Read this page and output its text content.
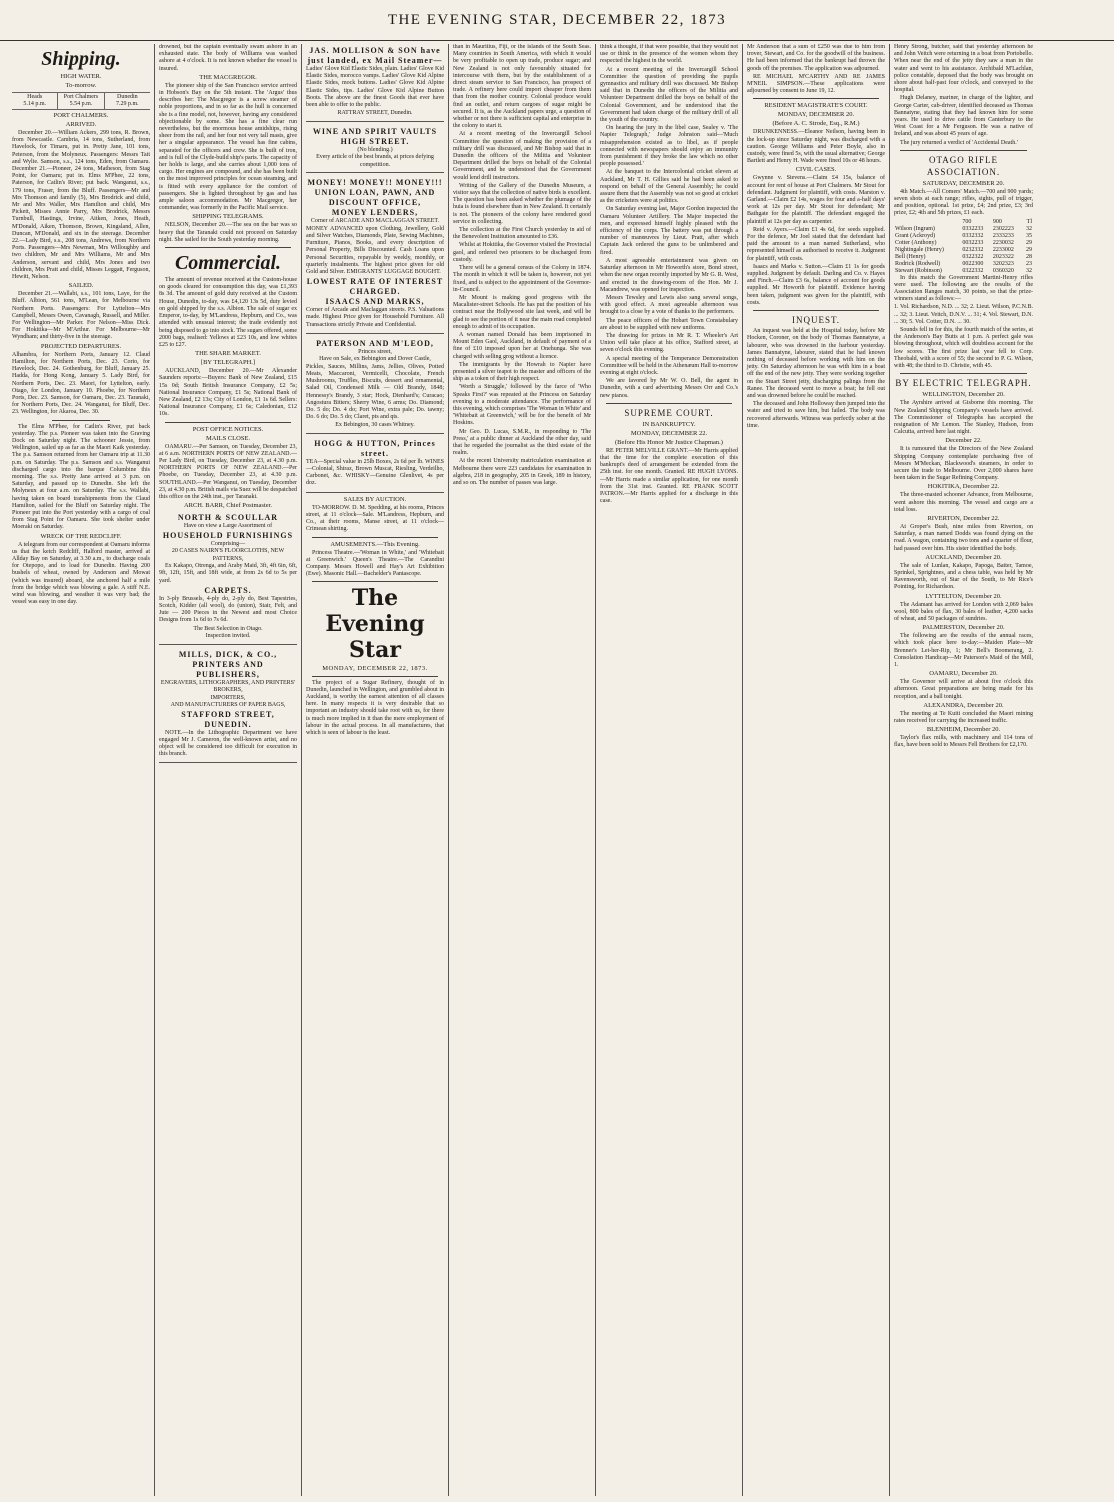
THE EVENING STAR, DECEMBER 22, 1873
Shipping.
HIGH WATER.
To-morrow.
Heads
5.14 p.m.
Port Chalmers
5.54 p.m.
Dunedin
7.29 p.m.
PORT CHALMERS.
ARRIVED.

December 20.—William Ackers, 299 tons, R. Brown, from Newcastle. Cambria, 14 tons, Sutherland, from Havelock, for Timaru, put in. Pretty Jane, 101 tons, Peterson, from the Molyneux. Passengers: Messrs Tait and Wylie. Samson, s.s., 124 tons, Eden, from Oamaru. December 21.—Pioneer, 24 tons, Matheson, from Stag Point, for Oamaru; put in. Elms M'Phee, 22 tons, Paterson, for Catlin's River; put back. Wanganui, s.s., 179 tons, Fraser, from the Bluff. Passengers—Mr and Mrs Thomson and family (5), Mrs Brodrick and child, Mr and Mrs Waller, Mrs Hamilton and child, Mrs Pickett, Misses Annie Parry, Mrs Brodrick, Messrs Turnbull, Hastings, Irvine, Aitken, Jones, Heath, M'Donald, Aiken, Thomson, Brown, Kingsland, Allen, Duncan, M'Donald, and six in the steerage. December 22.—Lady Bird, s.s., 208 tons, Andrews, from Northern Ports. Passengers—Mrs Newman, Mrs Willoughby and two children, Mr and Mrs Williams, Mr and Mrs Anderson, servant and child, Mrs Jones and two children, Mrs Pratt and child, Misses Leggatt, Ferguson, Hewitt, Nelson.

SAILED.

December 21.—Wallabi, s.s., 101 tons, Laye, for the Bluff. Albion, 561 tons, M'Lean, for Melbourne via Northern Ports. Passengers: For Lyttelton—Mrs Campbell, Messrs Owen, Cavanagh, Russell, and Miller. For Wellington—Mr Parker. For Nelson—Miss Dick. For Hokitika—Mr M'Arthur. For Melbourne—Mr Wyndham; and thirty-five in the steerage.

PROJECTED DEPARTURES.

Alhambra, for Northern Ports, January 12. Claud Hamilton, for Northern Ports, Dec. 23. Corio, for Havelock, Dec. 24. Gothenburg, for Bluff, January 25. Hadda, for Hong Kong, January 5. Lady Bird, for Northern Ports, Dec. 23. Maori, for Lyttelton, early. Otago, for London, January 10. Phoebe, for Northern Ports, Dec. 23. Samson, for Oamaru, Dec. 23. Taranaki, for Northern Ports, Dec. 24. Wanganui, for Bluff, Dec. 23. Wellington, for Akaroa, Dec. 30.

The Elms M'Phee, for Catlin's River, put back yesterday. The p.s. Pioneer was taken into the Graving Dock on Saturday night. The schooner Jessie, from Wellington, sailed up as far as the Maori Kaik yesterday. The p.s. Samson returned from her Oamaru trip at 11.30 p.m. on Saturday. The p.s. Samson and s.s. Wanganui discharged cargo into the barque Columbine this morning. The s.s. Pretty Jane arrived at 3 p.m. on Saturday, and passed up to Dunedin. She left the Molyneux at four a.m. on Saturday. The s.s. Wallabi, having taken on board transhipments from the Claud Hamilton, sailed for the Bluff on Saturday night. The Pioneer put into the Port yesterday with a cargo of coal from Stag Point for Oamaru. She took shelter under Moeraki on Saturday.

WRECK OF THE REDCLIFF.

A telegram from our correspondent at Oamaru informs us that the ketch Redcliff, Halford master, arrived at Allday Bay on Saturday, at 3.30 a.m., to discharge coals for Otepopo, and to load for Dunedin. Having 200 bushels of wheat, owned by Anderson and Mowat (which was insured) aboard, she anchored half a mile from the bridge which was blowing a gale. A stiff N.E. wind was blowing, and weather it was very bad; the vessel was easy in one day.

drowned, but the captain eventually swam ashore in an exhausted state. The body of Williams was washed ashore at 4 o'clock. It is not known whether the vessel is insured.

THE MACGREGOR.

The pioneer ship of the San Francisco service arrived in Hobson's Bay on the 5th instant. The 'Argus' thus describes her: The Macgregor is a screw steamer of noble proportions, and in so far as the hull is concerned she is a fine model, not, however, having any considered objectionable by some. She has a fine clear run nevertheless, but the enormous house amidships, rising sheer from the rail, and her four not very tall masts, give her a singular appearance. The vessel has fine cabins, separated for the officers and crew. She is built of iron, and is full of the Clyde-build ship's parts. The capacity of her holds is large, and she carries about 1,000 tons of cargo. Her engines are compound, and she has been built on the most improved principles for ocean steaming, and is fitted with every appliance for the comfort of passengers. She is lighted throughout by gas and has ample saloon accommodation. Mr Macgregor, her commander, was formerly in the Pacific Mail service.

SHIPPING TELEGRAMS.

NELSON, December 20.—The sea on the bar was so heavy that the Taranaki could not proceed on Saturday night. She sailed for the South yesterday morning.

Commercial.

The amount of revenue received at the Custom-house on goods cleared for consumption this day, was £1,393 8s 3d. The amount of gold duty received at the Custom House, Dunedin, to-day, was £4,120 13s 5d, duty levied on gold shipped by the s.s. Albion. The sale of sugar ex Emperor, to-day, by M'Landress, Hepburn, and Co., was attended with unusual interest; the trade evidently not being disposed to go into stock. The sugars offered, some 2000 bags, realised: Yellows at £23 10s, and low whites £25 to £27.

THE SHARE MARKET.
[BY TELEGRAPH.]

AUCKLAND, December 20.—Mr Alexander Saunders reports:—Buyers: Bank of New Zealand, £15 15s 0d; South British Insurance Company, £2 5s; National Insurance Company, £1 5s; National Bank of New Zealand, £2 13s; City of London, £1 1s 6d. Sellers: National Insurance Company, £1 6s; Caledonian, £12 10s.

POST OFFICE NOTICES.
MAILS CLOSE.

OAMARU.—Per Samson, on Tuesday, December 23, at 6 a.m. NORTHERN PORTS OF NEW ZEALAND.—Per Lady Bird, on Tuesday, December 23, at 4.30 p.m. NORTHERN PORTS OF NEW ZEALAND.—Per Phoebe, on Tuesday, December 23, at 4.30 p.m. SOUTHLAND.—Per Wanganui, on Tuesday, December 23, at 4.30 p.m. British mails via Suez will be despatched this office on the 24th inst., per Taranaki.

ARCH. BARR, Chief Postmaster.
NORTH & SCOULLAR
Have on view a Large Assortment of
HOUSEHOLD FURNISHINGS
Comprising—
20 CASES NAIRN'S FLOORCLOTHS, NEW PATTERNS,

Ex Kakapo, Otrenga, and Araby Maid, 3ft, 4ft 6in, 6ft, 9ft, 12ft, 15ft, and 18ft wide, at from 2s 6d to 5s per yard.

CARPETS.

In 3-ply Brussels, 4-ply do, 2-ply do, Best Tapestries, Scotch, Kidder (all wool), do (union), Stair, Felt, and Jute — 200 Pieces in the Newest and most Choice Designs from 1s 6d to 7s 6d.

The Best Selection in Otago.
Inspection invited.
MILLS, DICK, & CO., PRINTERS AND PUBLISHERS,
ENGRAVERS, LITHOGRAPHERS, AND PRINTERS' BROKERS,
IMPORTERS,
AND MANUFACTURERS OF PAPER BAGS,
STAFFORD STREET, DUNEDIN.

NOTE.—In the Lithographic Department we have engaged Mr J. Cameron, the well-known artist, and no object will be considered too difficult for execution in this branch.

JAS. MOLLISON & SON have just landed, ex Mail Steamer—

Ladies' Glove Kid Elastic Sides, plain. Ladies' Glove Kid Elastic Sides, morocco vamps. Ladies' Glove Kid Alpine Elastic Sides, mock buttons. Ladies' Glove Kid Alpine Elastic Sides, tips. Ladies' Glove Kid Alpine Button Boots. The above are the finest Goods that ever have been able to offer to the public.

RATTRAY STREET, Dunedin.
WINE AND SPIRIT VAULTS
HIGH STREET.
(No blending.)
Every article of the best brands, at prices defying competition.
MONEY! MONEY!! MONEY!!!
UNION LOAN, PAWN, AND DISCOUNT OFFICE,
MONEY LENDERS,
Corner of ARCADE AND MACLAGGAN STREET.

MONEY ADVANCED upon Clothing, Jewellery, Gold and Silver Watches, Diamonds, Plate, Sewing Machines, Furniture, Pianos, Books, and every description of Personal Property, Bills Discounted. Cash Loans upon Personal Securities, repayable by weekly, monthly, or quarterly instalments. The highest price given for old Gold and Silver. EMIGRANTS' LUGGAGE BOUGHT.

LOWEST RATE OF INTEREST CHARGED.
ISAACS AND MARKS,

Corner of Arcade and Maclaggan streets. P.S. Valuations made. Highest Price given for Household Furniture. All Transactions strictly Private and Confidential.

PATERSON AND M'LEOD,
Princes street,
Have on Sale, ex Bebington and Dover Castle,

Pickles, Sauces, Millins, Jams, Jellies, Olives, Potted Meats, Maccaroni, Vermicelli, Chocolate, French Mushrooms, Truffles, Biscuits, dessert and ornamental, Salad Oil, Condensed Milk — Old Brandy, 1848; Hennessy's Brandy, 3 star; Hock, Dienhard's; Curacao; Angostura Bitters; Sherry Wine, 6 arms; Do. Diamond; Do. 5 do; Do. 4 do; Port Wine, extra pale; Do. tawny; Do. 6 do; Do. 5 do; Claret, pts and qts.

Ex Bebington, 30 cases Whitney.
HOGG & HUTTON, Princes street.

TEA—Special value in 25lb Boxes, 2s 6d per lb. WINES—Colonial, Shiraz, Brown Muscat, Riesling, Verdeilho, Carbonet, &c. WHISKY—Genuine Glenlivet, 4s per doz.

SALES BY AUCTION.

TO-MORROW. D. M. Spedding, at his rooms, Princes street, at 11 o'clock—Sale. M'Landress, Hepburn, and Co., at their rooms, Manse street, at 11 o'clock—Crimean shirting.

AMUSEMENTS.—This Evening.

Princess Theatre.—'Woman in White,' and 'Whitebait at Greenwich.' Queen's Theatre.—The Carandini Company. Messrs Howell and Hay's Art Exhibition (Ewe). Masonic Hall.—Bachelder's Pantascope.

The Evening Star
MONDAY, DECEMBER 22, 1873.

The project of a Sugar Refinery, thought of in Dunedin, launched in Wellington, and grumbled about in Auckland, is worthy the earnest attention of all classes here. In many respects it is very desirable that so important an industry should take root with us, for there is much more implied in it than the mere employment of labour in the actual process. In all manufactures, that which is seen of labour is the least.

than in Mauritius, Fiji, or the islands of the South Seas. Many countries in South America, with which it would be very profitable to open up trade, produce sugar; and New Zealand is not only favourably situated for intercourse with them, but by the establishment of a direct steam service to San Francisco, has prospect of trade. A refinery here could import cheaper from them than from the mother country. Colonial produce would find an outlet, and return cargoes of sugar might be secured. It is, as the Auckland papers urge, a question of whether or not there is sufficient capital and enterprise in the colony to start it.

At a recent meeting of the Invercargill School Committee the question of making the provision of a military drill was discussed, and Mr Bishop said that in Dunedin the officers of the Militia and Volunteer Department drilled the boys on behalf of the Colonial Government, and he understood that the Government would lend drill instructors.

Writing of the Gallery of the Dunedin Museum, a visitor says that the collection of native birds is excellent. The question has been asked whether the plumage of the huia is found elsewhere than in New Zealand. It certainly is not. The pioneers of the colony have rendered good service in collecting.

The collection at the First Church yesterday in aid of the Benevolent Institution amounted to £36.

Whilst at Hokitika, the Governor visited the Provincial gaol, and ordered two prisoners to be discharged from custody.

There will be a general census of the Colony in 1874. The month in which it will be taken is, however, not yet fixed, and is subject to the appointment of the Governor-in-Council.

Mr Mount is making good progress with the Macalister-street Schools. He has put the position of his contract near the Hollywood site last week, and will be glad to see the portion of it near the main road completed enough to admit of its occupation.

A woman named Donald has been imprisoned in Mount Eden Gaol, Auckland, in default of payment of a fine of £10 imposed upon her at Onehunga. She was charged with selling grog without a licence.

The immigrants by the Howrah to Napier have presented a silver teapot to the master and officers of the ship as a token of their high respect.

'Worth a Struggle,' followed by the farce of 'Who Speaks First?' was repeated at the Princess on Saturday evening to a moderate attendance. The performance of this evening, which comprises 'The Woman in White' and 'Whitebait at Greenwich,' will be for the benefit of Mr Hoskins.

Mr Geo. D. Lucas, S.M.R., in responding to 'The Press,' at a public dinner at Auckland the other day, said that he regarded the journalist as the third estate of the realm.

At the recent University matriculation examination at Melbourne there were 223 candidates for examination in algebra, 218 in geography, 205 in Greek, 189 in history, and so on. The number of passes was large.

think a thought, if that were possible, that they would not use or think in the presence of the women whom they respected the highest in the world.

At a recent meeting of the Invercargill School Committee the question of providing the pupils gymnastics and military drill was discussed. Mr Bishop said that in Dunedin the officers of the Militia and Volunteer Department drilled the boys on behalf of the Colonial Government, and he understood that the Government had taken charge of the military drill of all the youth of the country.

On hearing the jury in the libel case, Sealey v. 'The Napier Telegraph,' Judge Johnston said—'Much misapprehension existed as to libel, as if people connected with newspapers should enjoy an immunity from punishment if they broke the law which no other people possessed.'

At the banquet to the Intercolonial cricket eleven at Auckland, Mr T. H. Gillies said he had been asked to respond on behalf of the General Assembly; he could assure them that the Assembly was not so good at cricket as the cricketers were at politics.

On Saturday evening last, Major Gordon inspected the Oamaru Volunteer Artillery. The Major inspected the men, and expressed himself highly pleased with the efficiency of the corps. The battery was put through a number of manœuvres by Lieut. Pratt, after which Captain Jack ordered the guns to be unlimbered and fired.

A most agreeable entertainment was given on Saturday afternoon in Mr Howorth's store, Bond street, when the new organ recently imported by Mr G. R. West, and erected in the drawing-room of the Hon. Mr J. Macandrew, was opened for inspection.

Messrs Tewsley and Lewis also sang several songs, with good effect. A most agreeable afternoon was brought to a close by a vote of thanks to the performers.

The peace officers of the Hobart Town Constabulary are about to be supplied with new uniforms.

The drawing for prizes in Mr R. T. Wheeler's Art Union will take place at his office, Stafford street, at seven o'clock this evening.

A special meeting of the Temperance Demonstration Committee will be held in the Athenæum Hall to-morrow evening at eight o'clock.

We are favored by Mr W. O. Bell, the agent in Dunedin, with a card advertising Messrs Orr and Co.'s new pianos.

SUPREME COURT.
IN BANKRUPTCY.
MONDAY, DECEMBER 22.
(Before His Honor Mr Justice Chapman.)

RE PETER MELVILLE GRANT.—Mr Harris applied that the time for the complete execution of this bankrupt's deed of arrangement be extended from the 25th inst. for one month. Granted. RE HUGH LYONS.—Mr Harris made a similar application, for one month from the 31st inst. Granted. RE FRANK SCOTT PATRON.—Mr Harris applied for a discharge in this case.

Mr Anderson that a sum of £250 was due to him from trover, Stewart, and Co. for the goodwill of the business. He had been informed that the bankrupt had thrown the goods off the premises. The application was adjourned.

RE MICHAEL M'CARTHY AND RE JAMES M'NEIL SIMPSON.—These applications were adjourned by consent to June 19, 12.

RESIDENT MAGISTRATE'S COURT.
MONDAY, DECEMBER 20.
(Before A. C. Strode, Esq., R.M.)

DRUNKENNESS.—Eleanor Neilson, having been in the lock-up since Saturday night, was discharged with a caution. George Williams and Peter Boyle, also in custody, were fined 5s, with the usual alternative; George Bartlett and Henry H. Wade were fined 10s or 48 hours.

CIVIL CASES.

Gwynne v. Stevens.—Claim £4 15s, balance of account for rent of house at Port Chalmers. Mr Stout for defendant. Judgment for plaintiff, with costs. Marston v. Garland.—Claim £2 14s, wages for four and a-half days' work at 12s per day. Mr Stout for defendant; Mr Bathgate for the plaintiff. The defendant engaged the plaintiff at 12s per day as carpenter.

Reid v. Ayers.—Claim £1 4s 6d, for seeds supplied. For the defence, Mr Joel stated that the defendant had paid the amount to a man named Sutherland, who represented himself as authorised to receive it. Judgment for plaintiff, with costs.

Isaacs and Marks v. Sutton.—Claim £1 1s for goods supplied. Judgment by default. Darling and Co. v. Hayes and Finch.—Claim £3 6s, balance of account for goods supplied. Mr Howorth for plaintiff. Evidence having been taken, judgment was given for the plaintiff, with costs.

INQUEST.

An inquest was held at the Hospital today, before Mr Hocken, Coroner, on the body of Thomas Bannatyne, a labourer, who was drowned in the harbour yesterday. James Bannatyne, labourer, stated that he had known nothing of deceased before working with him on the jetty. On Saturday afternoon he was with him in a boat off the end of the new jetty. They were working together on the Stuart Street jetty, discharging palings from the Ranee. The deceased went to move a boat; he fell out and was drowned before he could be reached.

The deceased and John Holloway then jumped into the water and tried to save him, but failed. The body was recovered afterwards. Witness was perfectly sober at the time.

Henry Strong, butcher, said that yesterday afternoon he and John Veitch were returning in a boat from Portobello. When near the end of the jetty they saw a man in the water and went to his assistance. Archibald M'Lachlan, police constable, deposed that the body was brought on shore about half-past four o'clock, and conveyed to the hospital.

Hugh Delaney, mariner, in charge of the lighter, and George Carter, cab-driver, identified deceased as Thomas Bannatyne, stating that they had known him for some years. He used to drive cattle from Canterbury to the West Coast for a Mr Ferguson. He was a native of Ireland, and was about 45 years of age.

The jury returned a verdict of 'Accidental Death.'

OTAGO RIFLE ASSOCIATION.
SATURDAY, DECEMBER 20.

4th Match.—All Comers' Match.—700 and 900 yards; seven shots at each range; rifles, sights, pull of trigger, and position, optional. 1st prize, £4; 2nd prize, £3; 3rd prize, £2; 4th and 5th prizes, £1 each.

	700	900	Tl
Wilson (Ingram)	0332233	2302223	32
Grant (Ackroyd)	0332332	2333233	35
Cotter (Anthony)	0032233	2230032	29
Nightingale (Henry)	0232332	2233002	29
Bell (Henry)	0322322	2023322	28
Rodrick (Rodwell)	0022300	3202323	23
Stewart (Robinson)	0322332	0360320	32

In this match the Government Martini-Henry rifles were used. The following are the results of the Association Ranges match, 30 points, so that the prize-winners stand as follows:—

1. Vol. Richardson, N.D. ... 32; 2. Lieut. Wilson, P.C.N.B. ... 32; 3. Lieut. Veitch, D.N.V. ... 31; 4. Vol. Stewart, D.N. ... 30; 5. Vol. Cotter, D.N. ... 30.

Sounds fell in for this, the fourth match of the series, at the Anderson's Bay Butts at 1 p.m. A perfect gale was blowing throughout, which will doubtless account for the low scores. The first prize last year fell to Corp. Theobald, with a score of 55; the second to P. G. Wilson, with 48; the third to D. Christie, with 45.

BY ELECTRIC TELEGRAPH.
WELLINGTON, December 20.

The Ayrshire arrived at Gisborne this morning. The New Zealand Shipping Company's vessels have arrived. The Commissioner of Telegraphs has accepted the resignation of Mr Lemon. The Stanley, Hudson, from Calcutta, arrived here last night.

December 22.

It is rumoured that the Directors of the New Zealand Shipping Company contemplate purchasing five of Messrs M'Meckan, Blackwood's steamers, in order to secure the trade to Melbourne. Over 2,000 shares have been taken in the Sugar Refining Company.

HOKITIKA, December 22.

The three-masted schooner Advance, from Melbourne, went ashore this morning. The vessel and cargo are a total loss.

RIVERTON, December 22.

At Groper's Bush, nine miles from Riverton, on Saturday, a man named Dodds was found dying on the road. A wagon, containing two tons and a quarter of flour, had passed over him. His sister identified the body.

AUCKLAND, December 20.

The sale of Lunlan, Kakapo, Papoga, Batter, Tamoe, Sprinkel, Sprightnes, and a chess table, was held by Mr Ravensworth, out of Star of the South, to Mr Rice's Pointing, for Richardson.

LYTTELTON, December 20.

The Adamant has arrived for London with 2,069 bales wool, 800 bales of flax, 30 bales of leather, 4,200 sacks of wheat, and 50 packages of sundries.

PALMERSTON, December 20.

The following are the results of the annual races, which took place here to-day:—Maiden Plate—Mr Brenner's Let-her-Rip, 1; Mr Bell's Boomerang, 2. Consolation Handicap—Mr Paterson's Maid of the Mill, 1.

OAMARU, December 20.

The Governor will arrive at about five o'clock this afternoon. Great preparations are being made for his reception, and a ball tonight.

ALEXANDRA, December 20.

The meeting at Te Kuiti concluded the Maori mining rates received for carrying the increased traffic.

BLENHEIM, December 20.

Taylor's flax mills, with machinery and 114 tons of flax, have been sold to Messrs Fell Brothers for £2,170.
